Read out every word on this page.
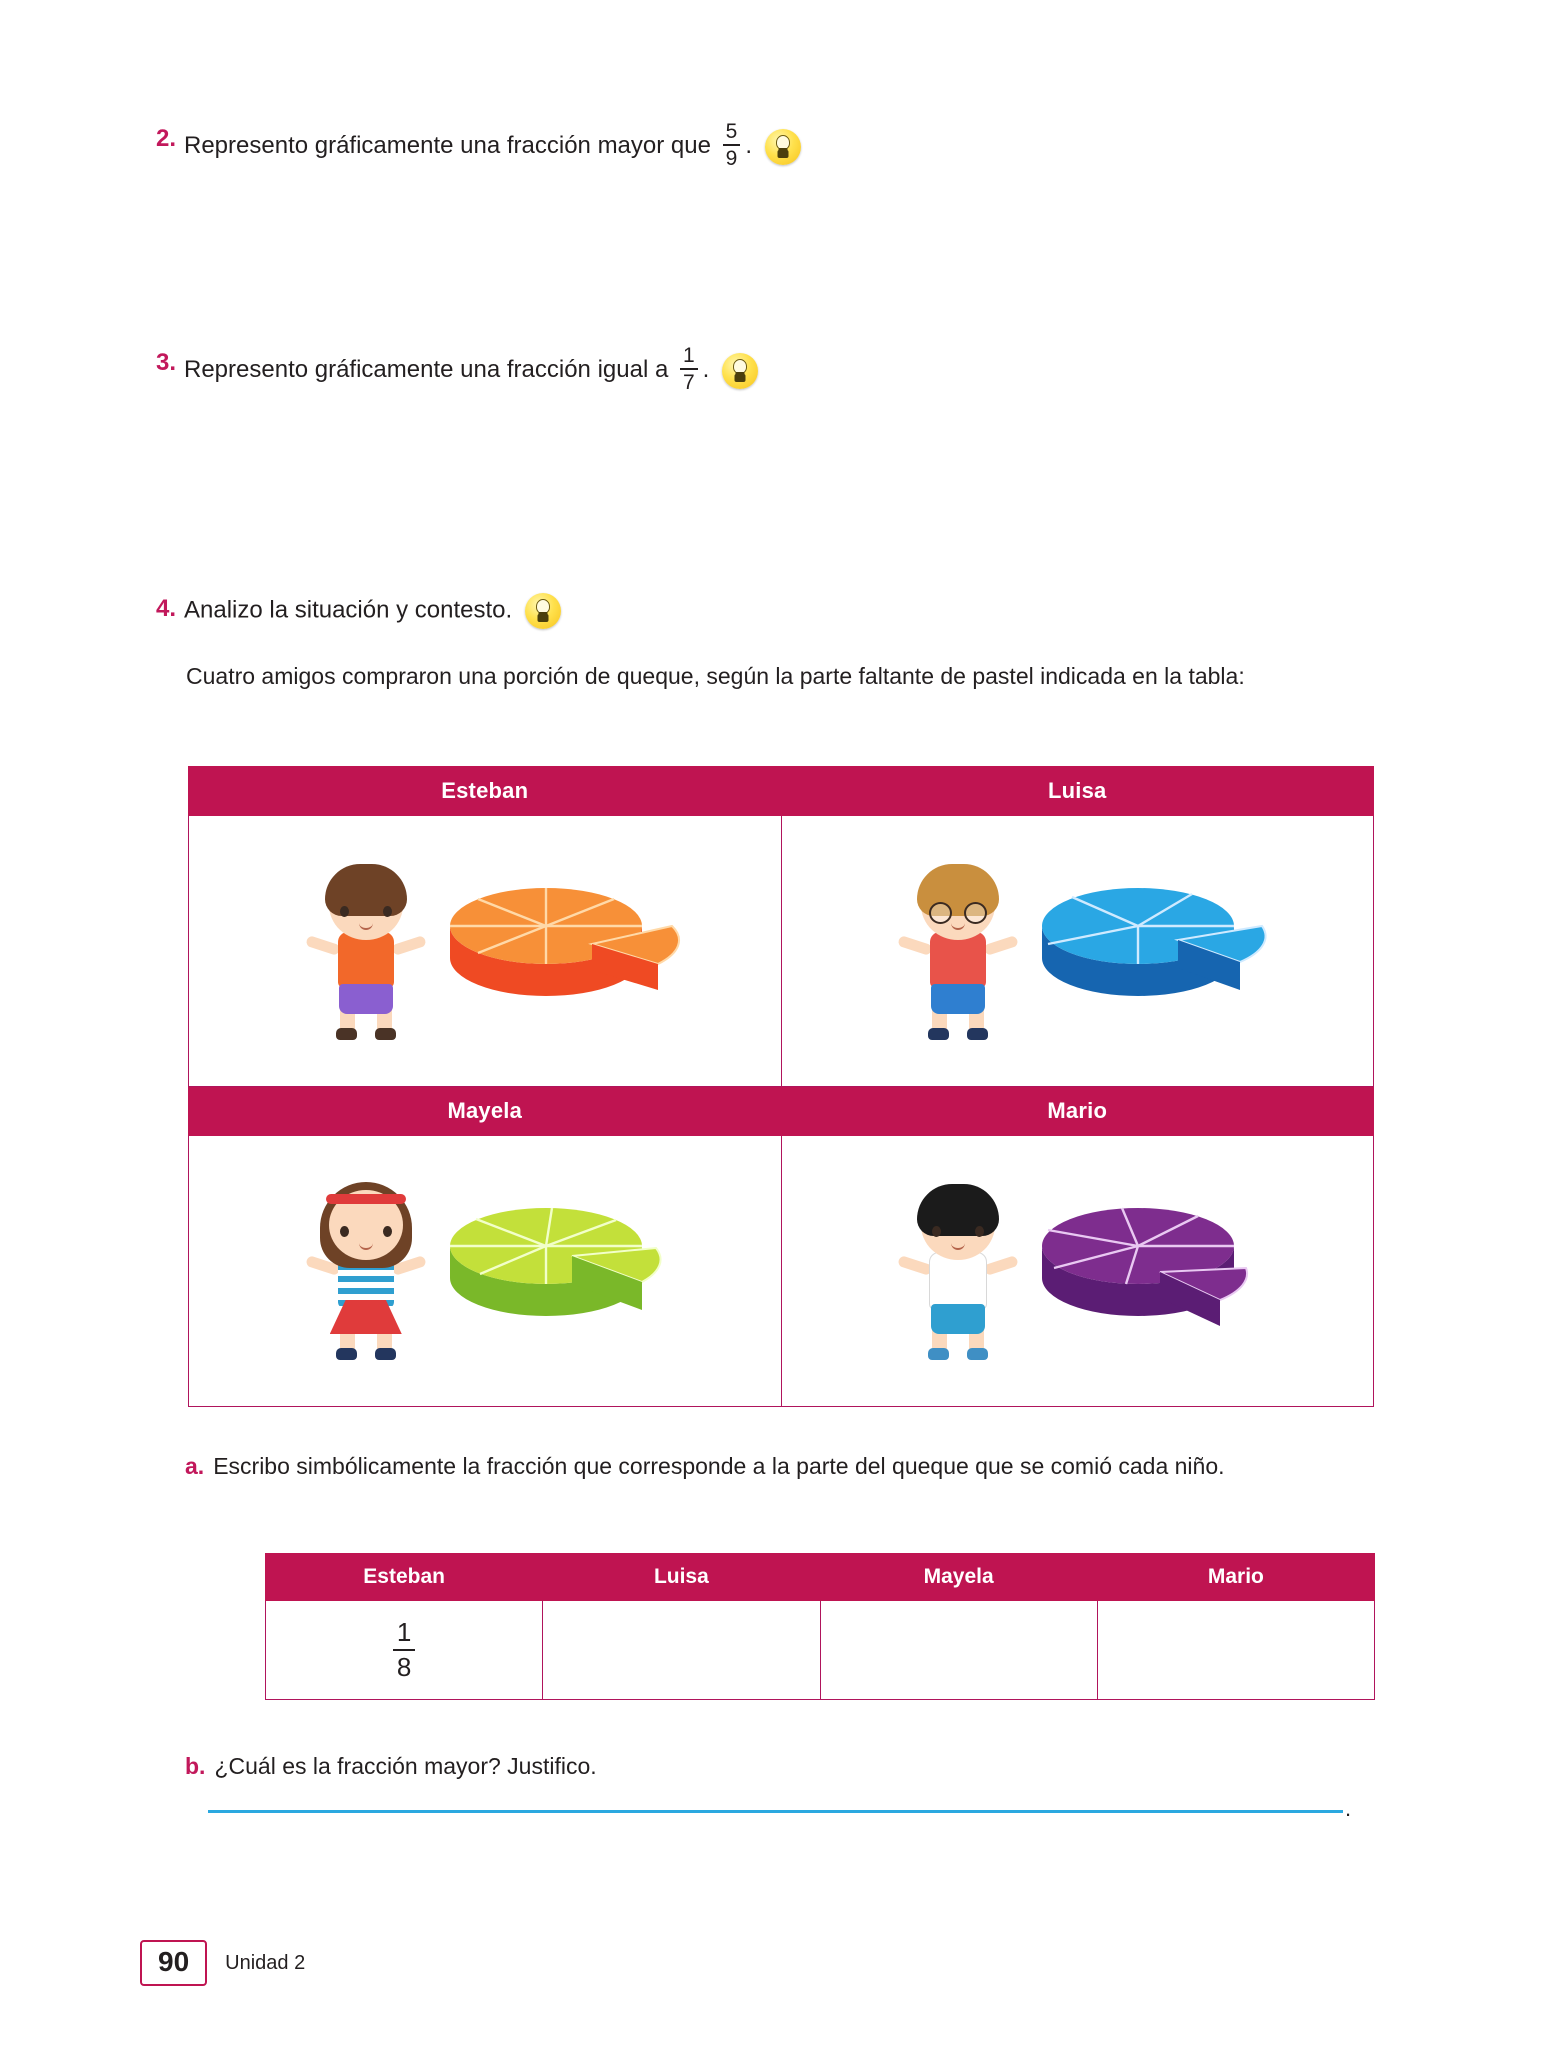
2. Represento gráficamente una fracción mayor que $\frac{5}{9}$ .
3. Represento gráficamente una fracción igual a $\frac{1}{7}$ .
4. Analizo la situación y contesto.
Cuatro amigos compraron una porción de queque, según la parte faltante de pastel indicada en la tabla:
Esteban	Luisa

Mayela	Mario

a. Escribo simbólicamente la fracción que corresponde a la parte del queque que se comió cada niño.
Esteban	Luisa	Mayela	Mario

$\frac{1}{8}$

b. ¿Cuál es la fracción mayor? Justifico.
.
90	Unidad 2
